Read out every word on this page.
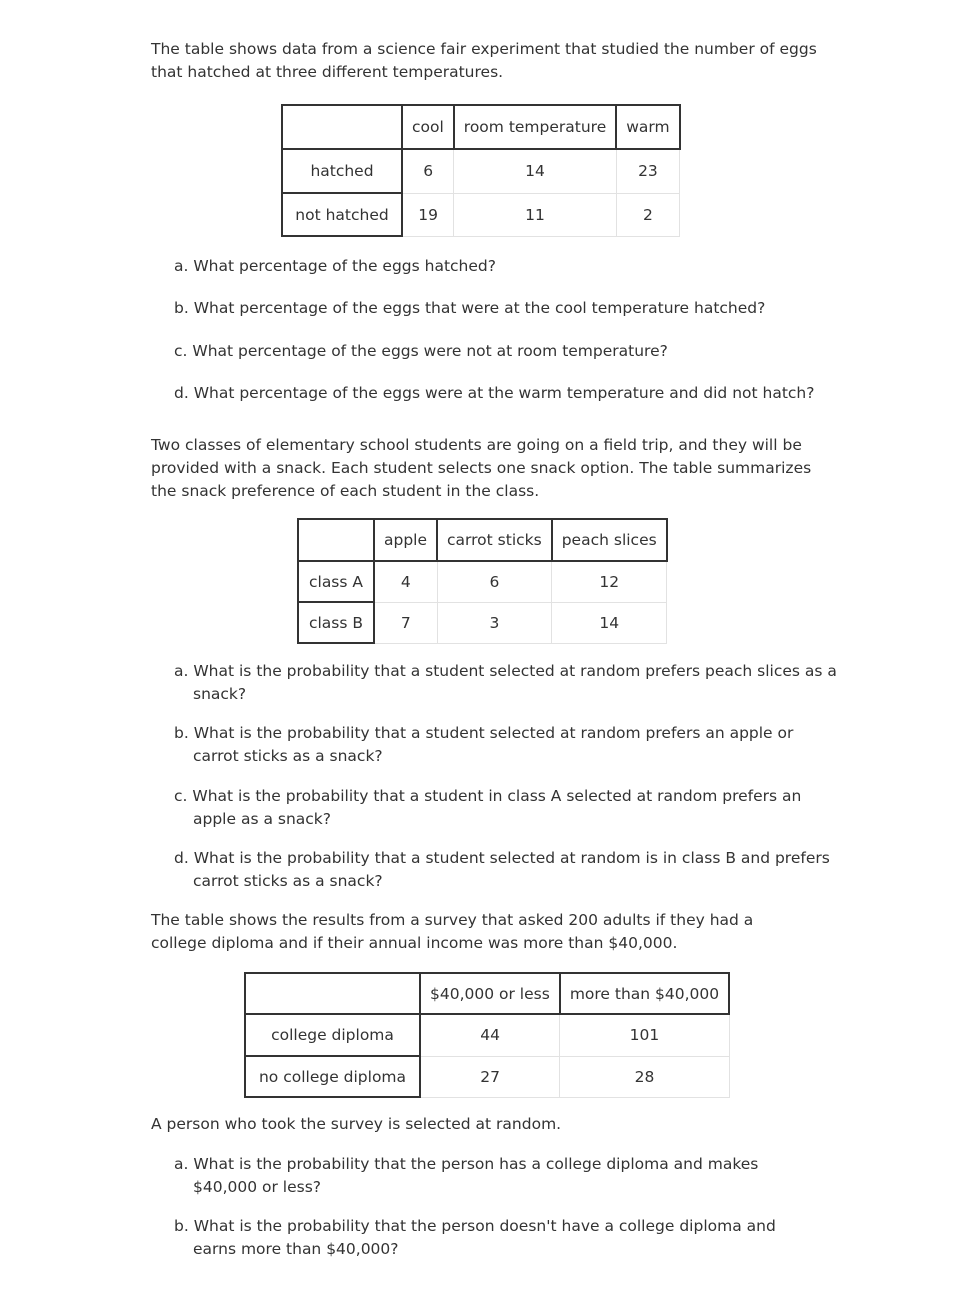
The table shows data from a science fair experiment that studied the number of eggs that hatched at three different temperatures.

	cool	room temperature	warm
hatched	6	14	23
not hatched	19	11	2

a. What percentage of the eggs hatched?

b. What percentage of the eggs that were at the cool temperature hatched?

c. What percentage of the eggs were not at room temperature?

d. What percentage of the eggs were at the warm temperature and did not hatch?

Two classes of elementary school students are going on a field trip, and they will be provided with a snack. Each student selects one snack option. The table summarizes the snack preference of each student in the class.

	apple	carrot sticks	peach slices
class A	4	6	12
class B	7	3	14

a. What is the probability that a student selected at random prefers peach slices as a snack?

b. What is the probability that a student selected at random prefers an apple or carrot sticks as a snack?

c. What is the probability that a student in class A selected at random prefers an apple as a snack?

d. What is the probability that a student selected at random is in class B and prefers carrot sticks as a snack?

The table shows the results from a survey that asked 200 adults if they had a college diploma and if their annual income was more than $40,000.

	$40,000 or less	more than $40,000
college diploma	44	101
no college diploma	27	28

A person who took the survey is selected at random.

a. What is the probability that the person has a college diploma and makes $40,000 or less?

b. What is the probability that the person doesn't have a college diploma and earns more than $40,000?
